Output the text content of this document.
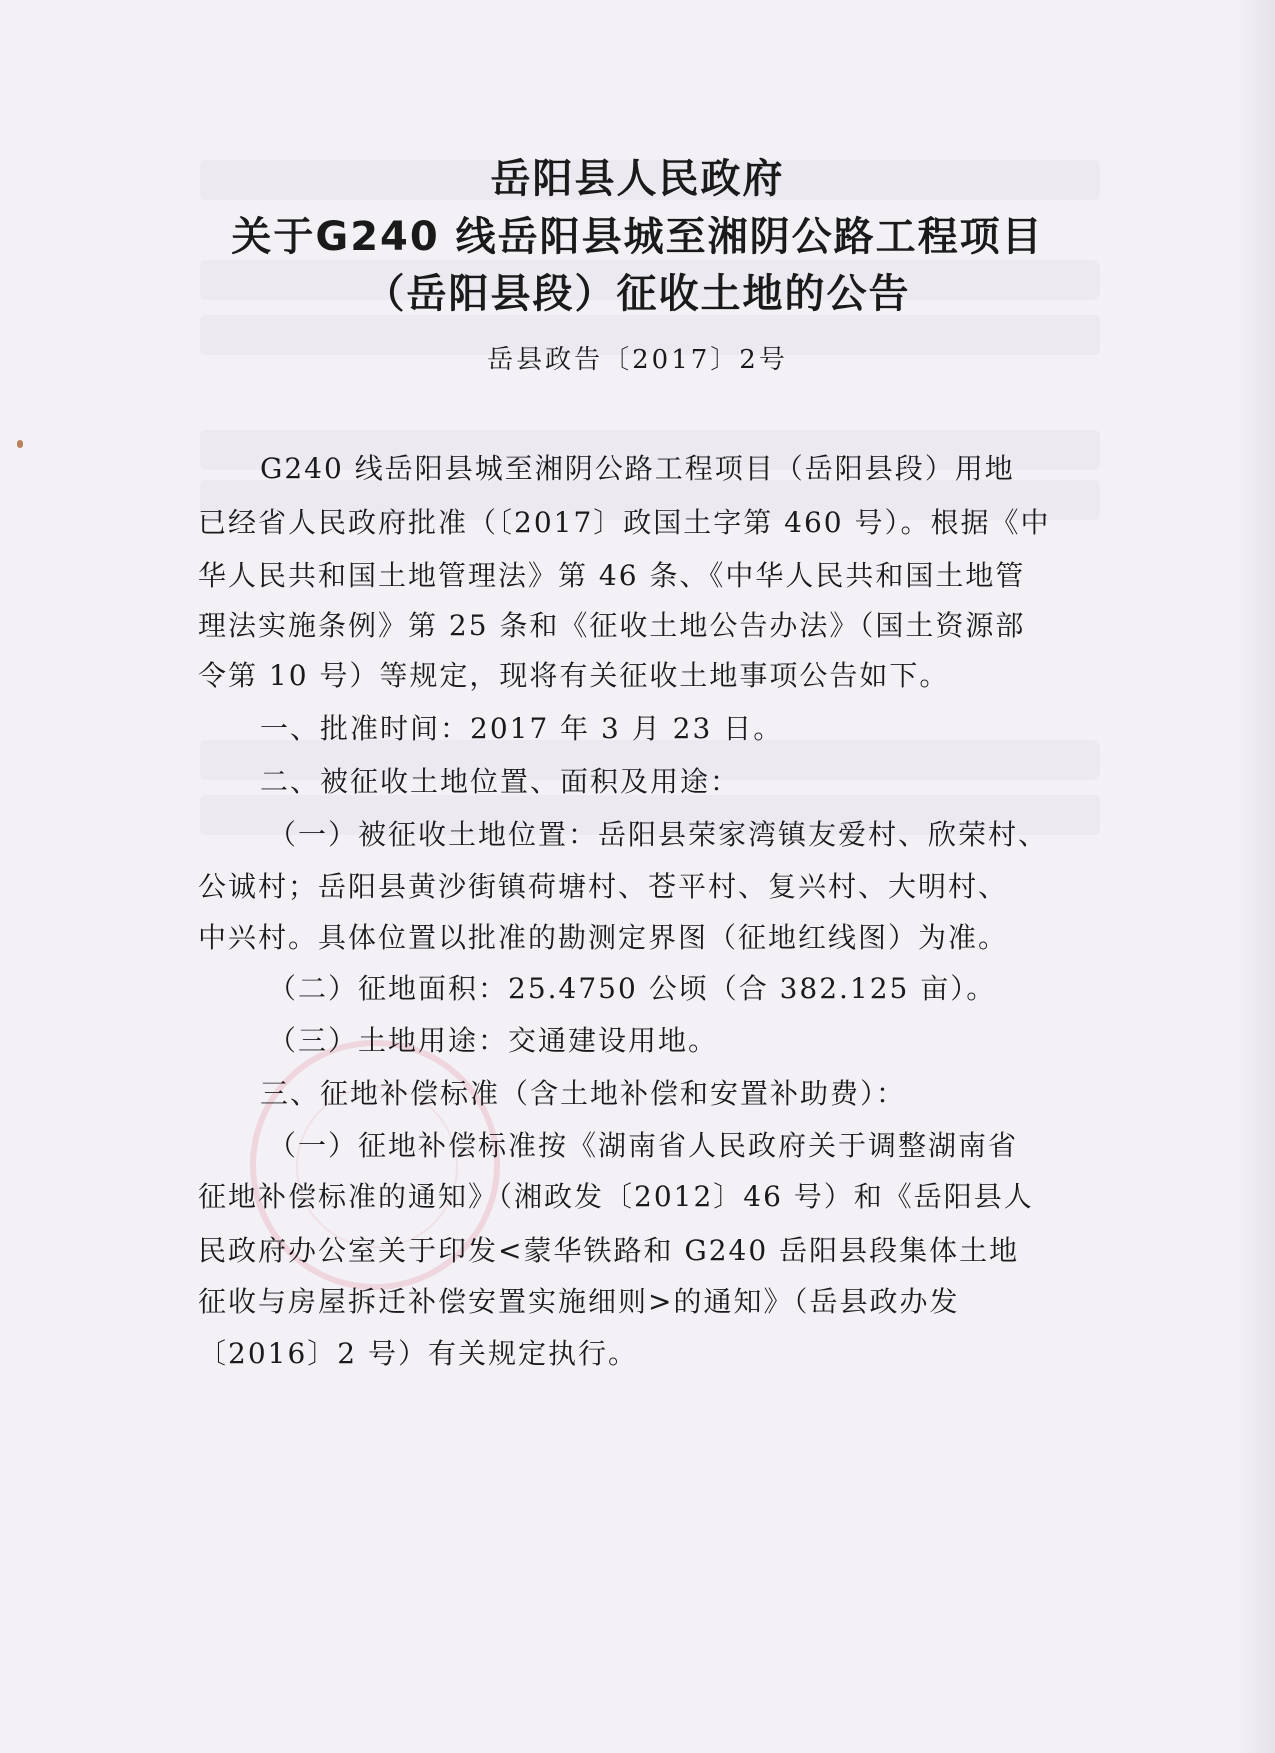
岳阳县人民政府
关于G240 线岳阳县城至湘阴公路工程项目
（岳阳县段）征收土地的公告
岳县政告〔2017〕2号
G240 线岳阳县城至湘阴公路工程项目（岳阳县段）用地
已经省人民政府批准（〔2017〕政国土字第 460 号）。根据《中
华人民共和国土地管理法》第 46 条、《中华人民共和国土地管
理法实施条例》第 25 条和《征收土地公告办法》（国土资源部
令第 10 号）等规定，现将有关征收土地事项公告如下。
一、批准时间：2017 年 3 月 23 日。
二、被征收土地位置、面积及用途：
（一）被征收土地位置：岳阳县荣家湾镇友爱村、欣荣村、
公诚村；岳阳县黄沙街镇荷塘村、苍平村、复兴村、大明村、
中兴村。具体位置以批准的勘测定界图（征地红线图）为准。
（二）征地面积：25.4750 公顷（合 382.125 亩）。
（三）土地用途：交通建设用地。
三、征地补偿标准（含土地补偿和安置补助费）：
（一）征地补偿标准按《湖南省人民政府关于调整湖南省
征地补偿标准的通知》（湘政发〔2012〕46 号）和《岳阳县人
民政府办公室关于印发<蒙华铁路和 G240 岳阳县段集体土地
征收与房屋拆迁补偿安置实施细则>的通知》（岳县政办发
〔2016〕2 号）有关规定执行。
